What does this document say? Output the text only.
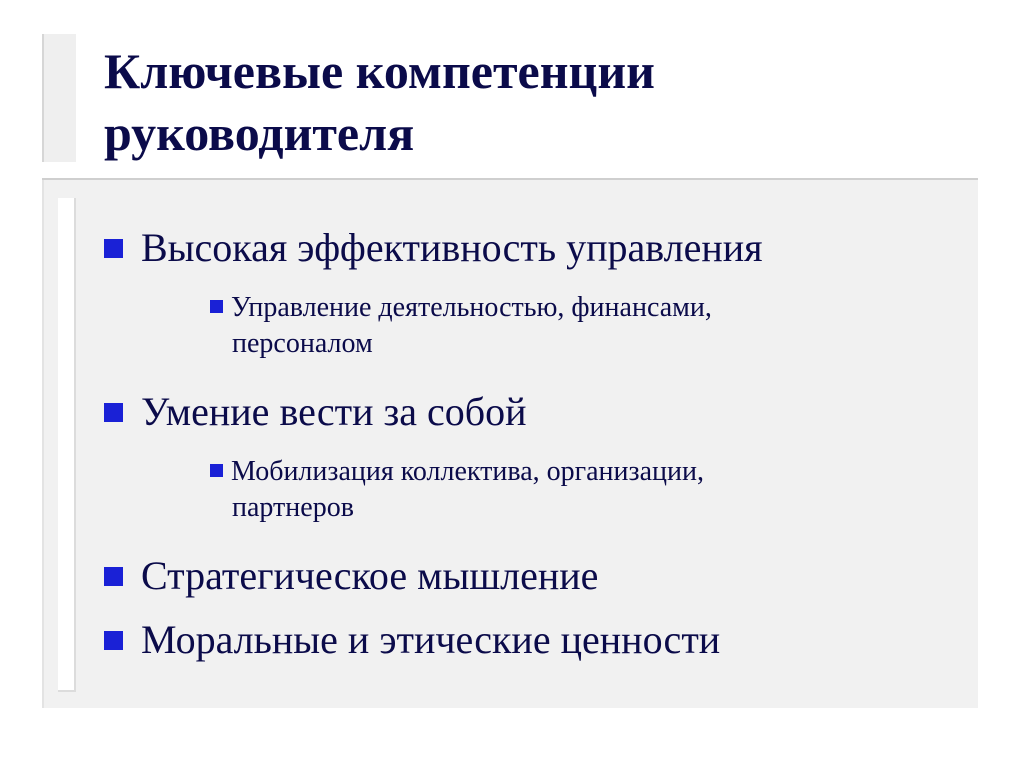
Ключевые компетенции
руководителя
Высокая эффективность управления
Управление деятельностью, финансами,
персоналом
Умение вести за собой
Мобилизация коллектива, организации,
партнеров
Стратегическое мышление
Моральные и этические ценности
